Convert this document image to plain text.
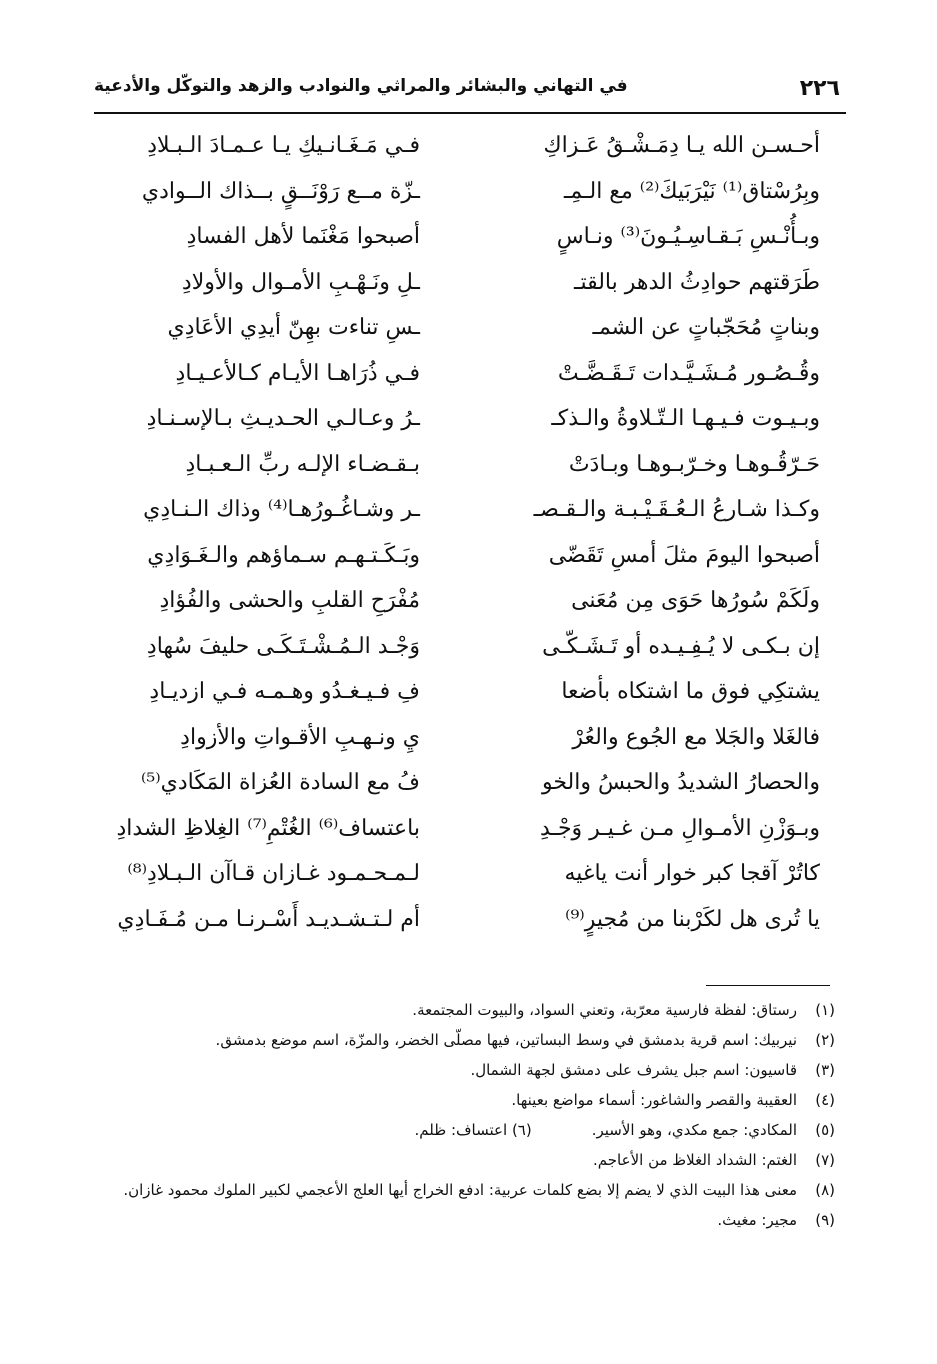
٢٢٦
في التهاني والبشائر والمراثي والنوادب والزهد والتوكّل والأدعية
أحـسـن الله يـا دِمَـشْـقُ عَـزاكِ
فـي مَـغَـانـيكِ يـا عـمـادَ الـبـلادِ
وبِرُسْتاق⁽¹⁾ نَيْرَبَيكَ⁽²⁾ مع الـمِـ
ـزّة مــع رَوْنَــقٍ بــذاك الــوادي
وبـأُنْـسِ بَـقـاسِـيُـونَ⁽³⁾ ونـاسٍ
أصبحوا مَغْنَما لأهل الفسادِ
طَرَقتهم حوادِثُ الدهر بالقتـ
ـلِ ونَـهْـبِ الأمـوال والأولادِ
وبناتٍ مُحَجّباتٍ عن الشمـ
ـسِ تناءت بهِنّ أيدِي الأعَادِي
وقُـصُـور مُـشَـيَّـدات تَـقَـضَّـتْ
فـي ذُرَاهـا الأيـام كـالأعـيـادِ
وبـيـوت فـيـهـا الـتّـلاوةُ والـذكـ
ـرُ وعـالـي الحـديـثِ بـالإسـنـادِ
حَـرّقُـوهـا وخـرّبـوهـا وبـادَتْ
بـقـضـاء الإلـه ربِّ الـعـبـادِ
وكـذا شـارعُ الـعُـقَـيْـبـة والـقـصـ
ـر وشـاغُـورُهـا⁽⁴⁾ وذاك الـنـادِي
أصبحوا اليومَ مثلَ أمسِ تَقَضّى
وبَـكَـتـهـم سـماؤهم والـغَـوَادِي
ولَكَمْ سُورُها حَوَى مِن مُعَنى
مُفْرَحِ القلبِ والحشى والفُؤادِ
إن بـكـى لا يُـفِـيـده أو تَـشَـكّـى
وَجْـد الـمُـشْـتَـكَـى حليفَ سُهادِ
يشتكِي فوق ما اشتكاه بأضعا
فِ فـيـغـدُو وهـمـه فـي ازديـادِ
فالغَلا والجَلا مع الجُوع والعُرْ
يِ ونـهـبِ الأقـواتِ والأزوادِ
والحصارُ الشديدُ والحبسُ والخو
فُ مع السادة العُزاة المَكَادي⁽⁵⁾
وبـوَزْنِ الأمـوالِ مـن غـيـر وَجْـدِ
باعتساف⁽⁶⁾ الغُتْمِ⁽⁷⁾ الغِلاظِ الشدادِ
كاتُرْ آقجا كبر خوار أنت ياغيه
لـمـحـمـود غـازان قـاآن الـبـلادِ⁽⁸⁾
يا تُرى هل لكَرْبنا من مُجيرٍ⁽⁹⁾
أم لـتـشـديـد أَسْـرنـا مـن مُـفَـادِي
(١)
رستاق: لفظة فارسية معرّبة، وتعني السواد، والبيوت المجتمعة.
(٢)
نيربيك: اسم قرية بدمشق في وسط البساتين، فيها مصلّى الخضر، والمزّة، اسم موضع بدمشق.
(٣)
قاسيون: اسم جبل يشرف على دمشق لجهة الشمال.
(٤)
العقيبة والقصر والشاغور: أسماء مواضع بعينها.
(٥)
المكادي: جمع مكدي، وهو الأسير.(٦) اعتساف: ظلم.
(٧)
الغتم: الشداد الغلاظ من الأعاجم.
(٨)
معنى هذا البيت الذي لا يضم إلا بضع كلمات عربية: ادفع الخراج أيها العلج الأعجمي لكبير الملوك محمود غازان.
(٩)
مجير: مغيث.
